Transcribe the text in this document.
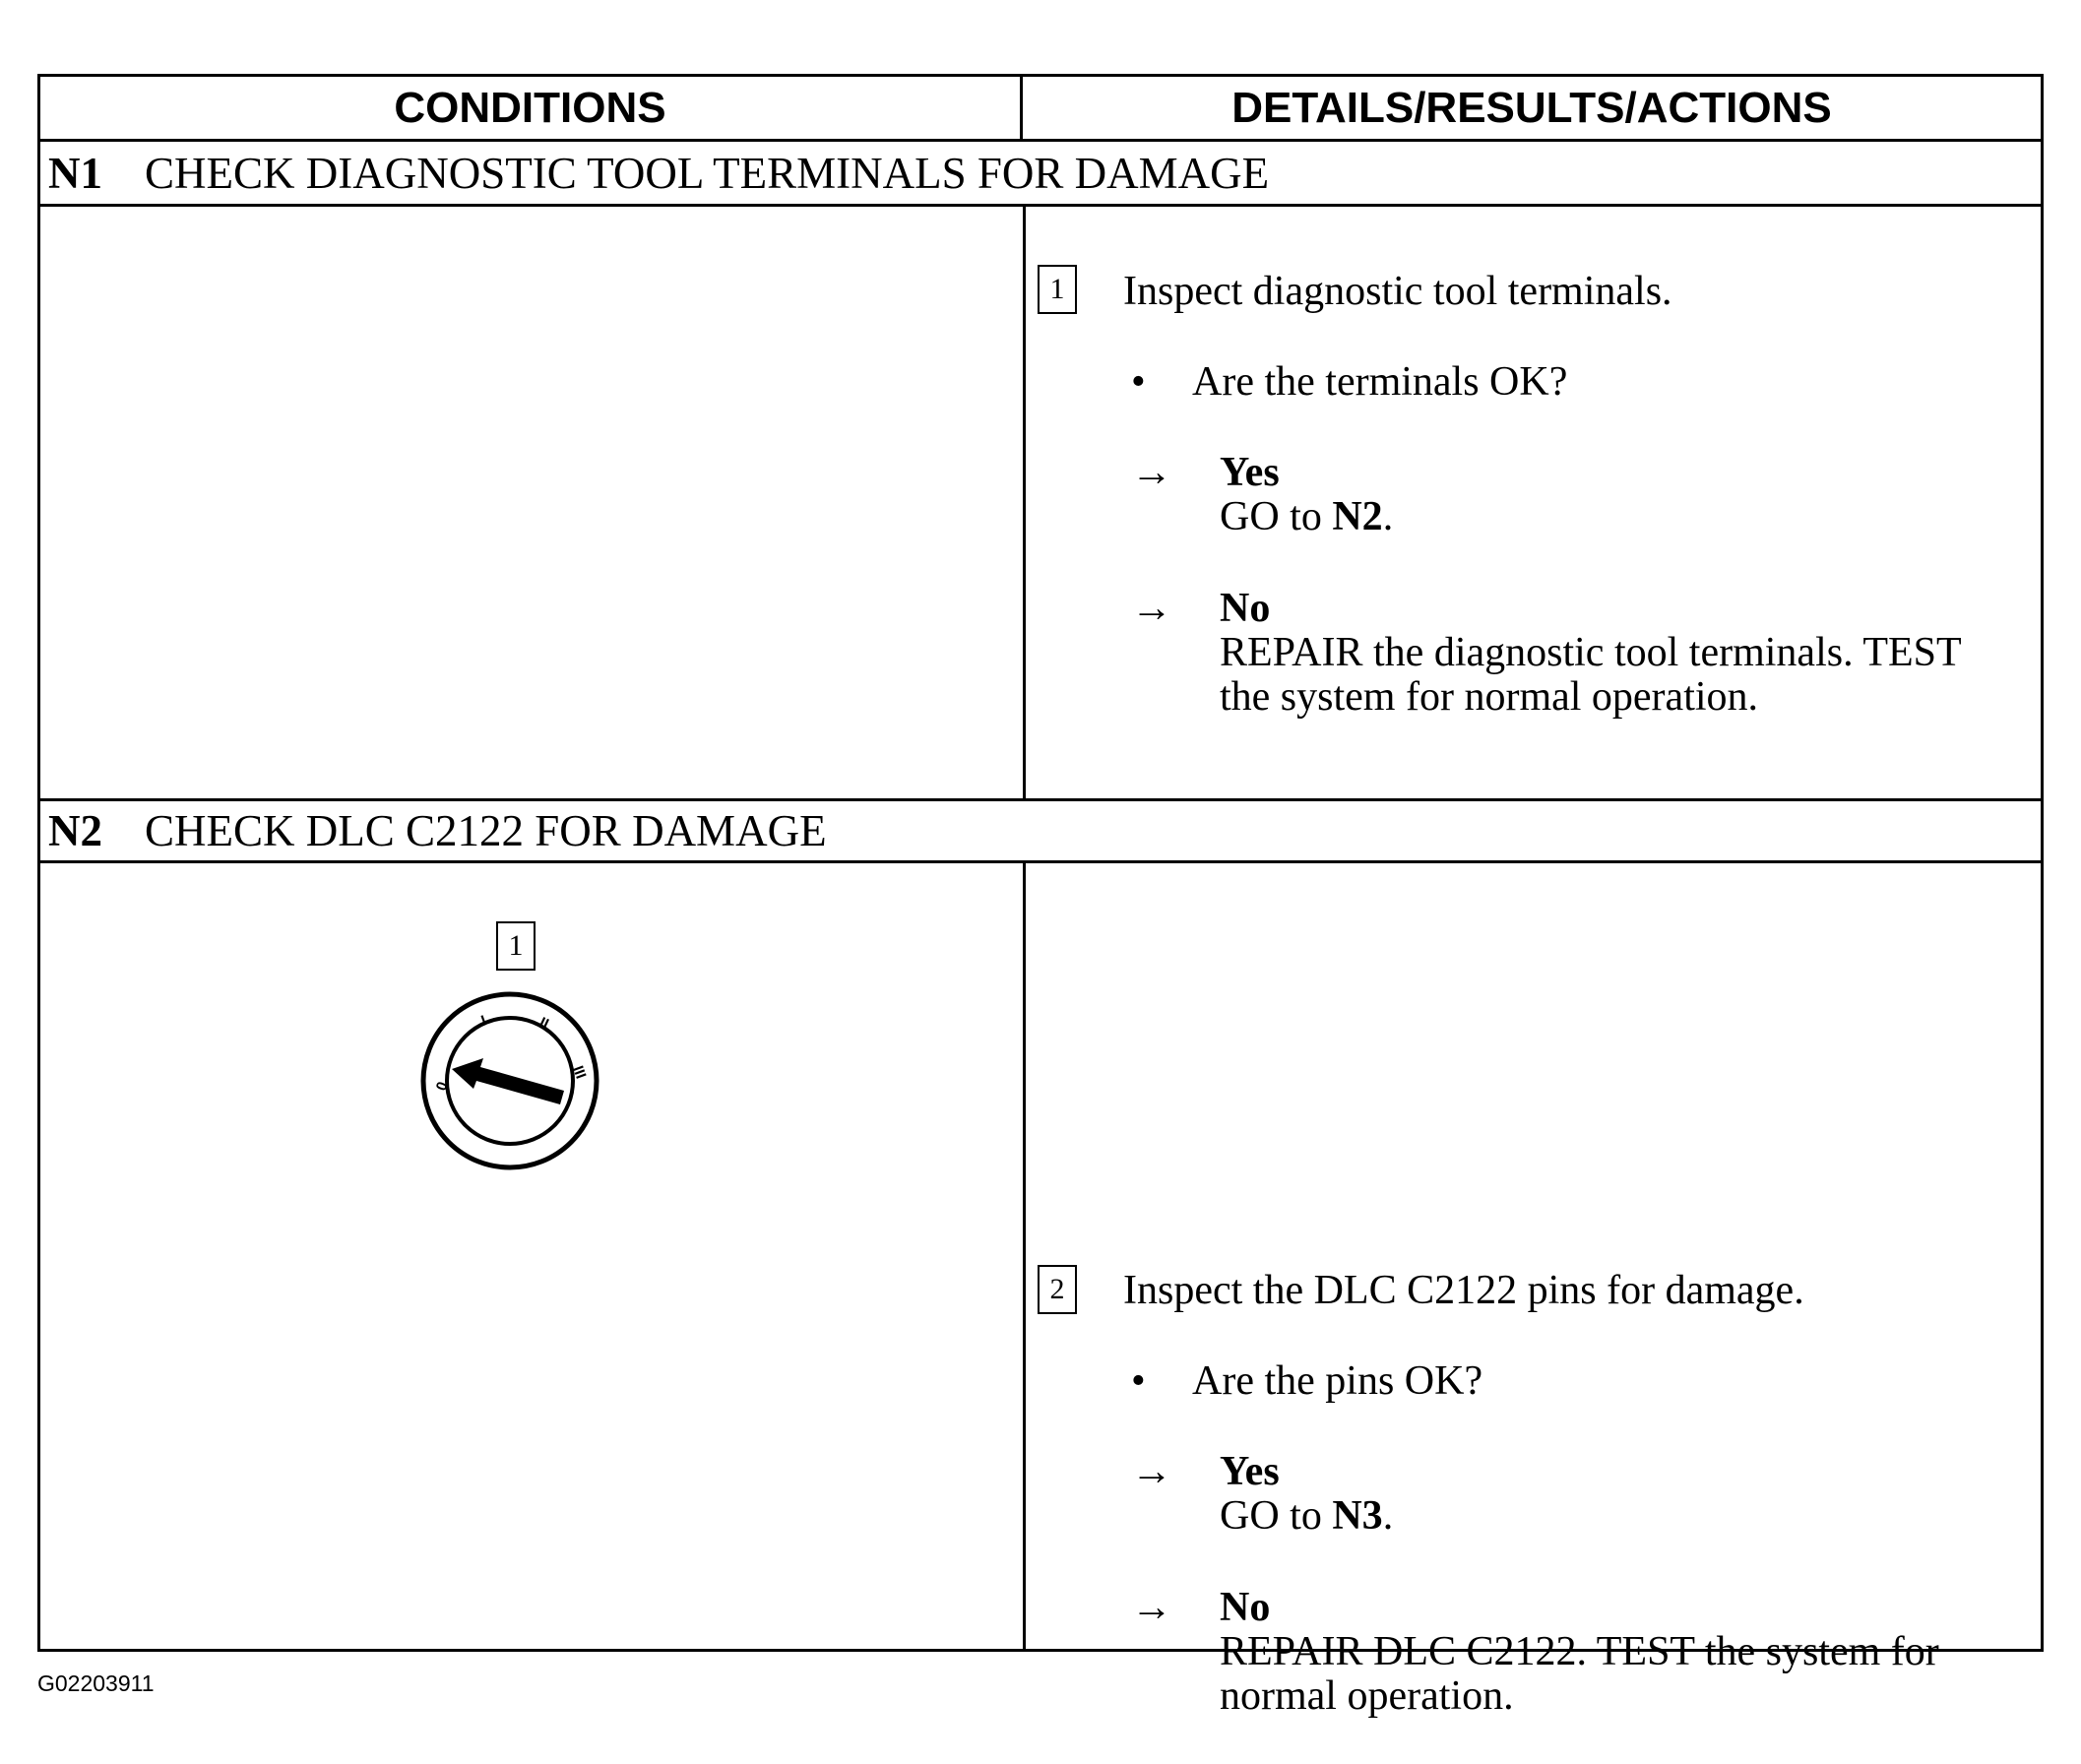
CONDITIONS	DETAILS/RESULTS/ACTIONS
N1 CHECK DIAGNOSTIC TOOL TERMINALS FOR DAMAGE
1 Inspect diagnostic tool terminals.
• Are the terminals OK?
→ Yes
GO to N2.
→ No
REPAIR the diagnostic tool terminals. TEST
the system for normal operation.
N2 CHECK DLC C2122 FOR DAMAGE
1
0
I	II
III
2 Inspect the DLC C2122 pins for damage.
• Are the pins OK?
→ Yes
GO to N3.
→ No
REPAIR DLC C2122. TEST the system for
normal operation.
G02203911
